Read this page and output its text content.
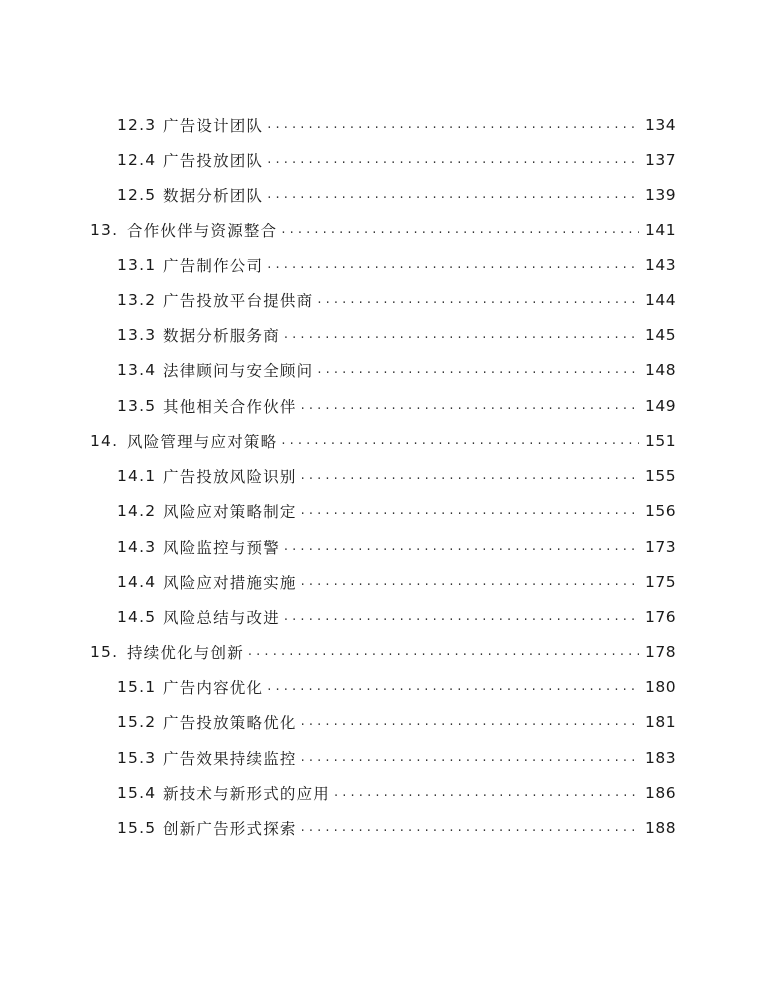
12.3 广告设计团队 . . .	134
12.4 广告投放团队 . . .	137
12.5 数据分析团队 . . .	139
13. 合作伙伴与资源整合 . . .	141
13.1 广告制作公司 . . .	143
13.2 广告投放平台提供商 . . .	144
13.3 数据分析服务商 . . .	145
13.4 法律顾问与安全顾问 . . .	148
13.5 其他相关合作伙伴 . . .	149
14. 风险管理与应对策略 . . .	151
14.1 广告投放风险识别 . . .	155
14.2 风险应对策略制定 . . .	156
14.3 风险监控与预警 . . .	173
14.4 风险应对措施实施 . . .	175
14.5 风险总结与改进 . . .	176
15. 持续优化与创新 . . .	178
15.1 广告内容优化 . . .	180
15.2 广告投放策略优化 . . .	181
15.3 广告效果持续监控 . . .	183
15.4 新技术与新形式的应用 . . .	186
15.5 创新广告形式探索 . . .	188
